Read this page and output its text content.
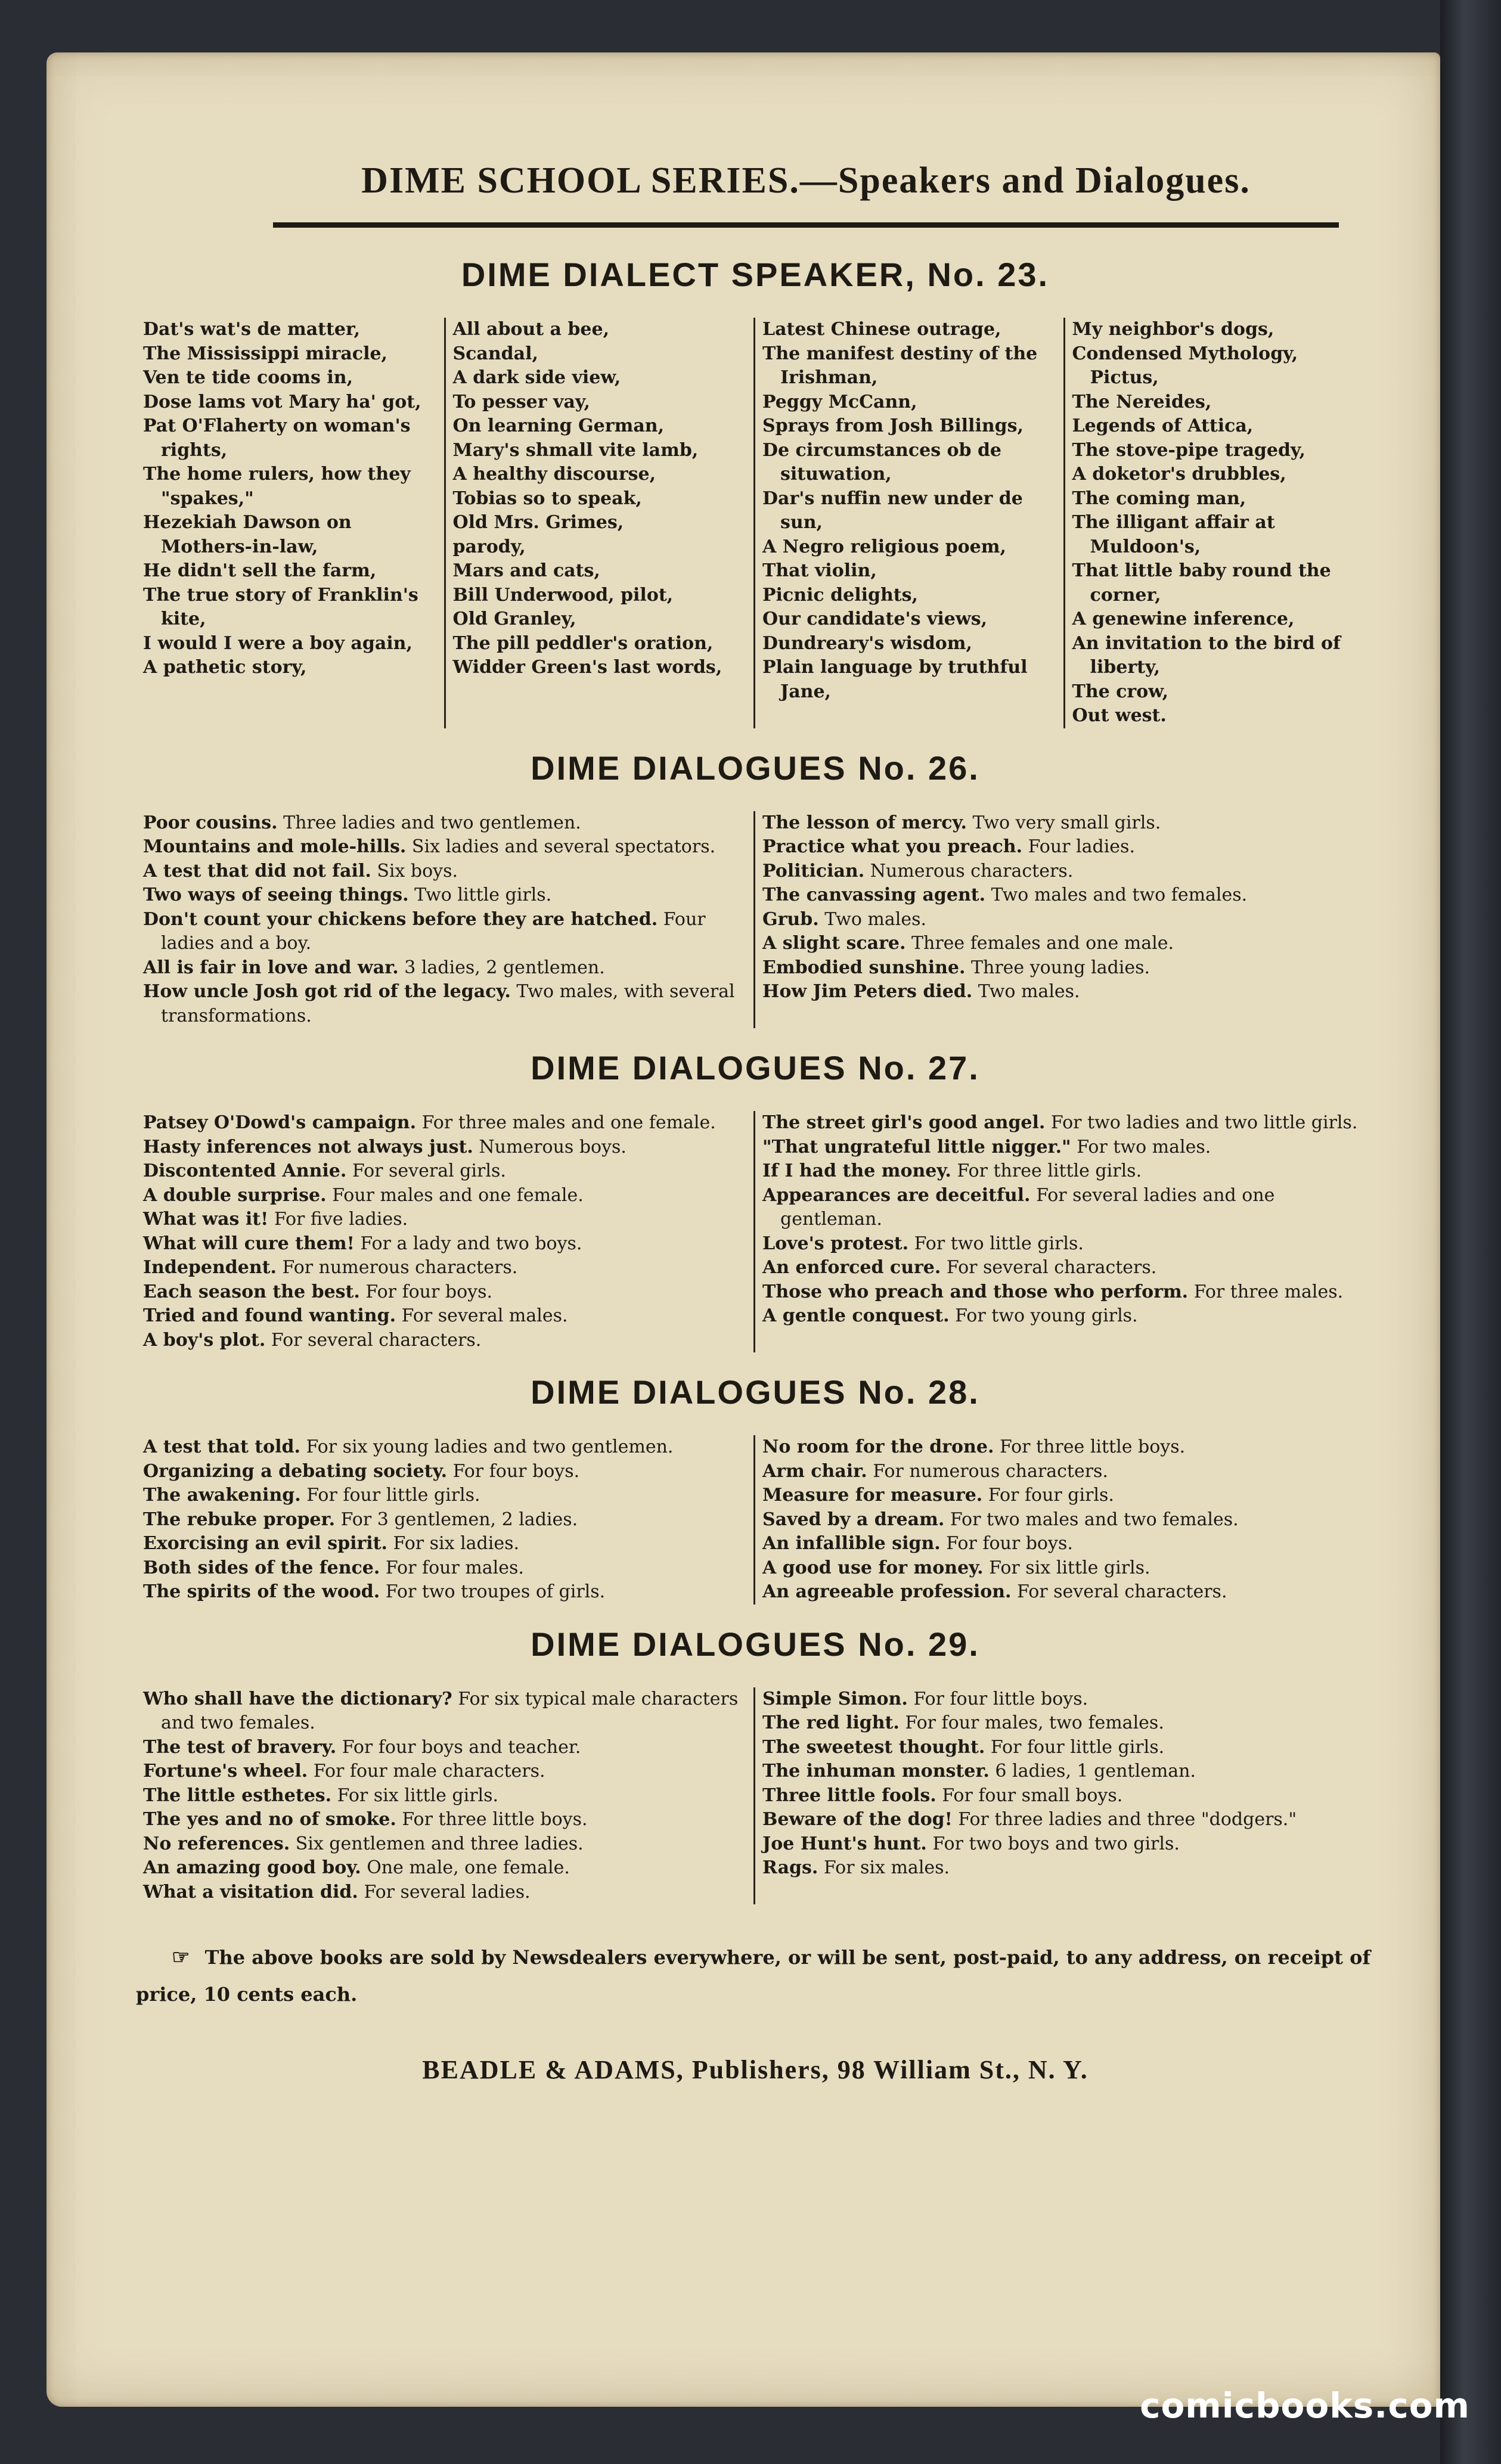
DIME SCHOOL SERIES.—Speakers and Dialogues.
DIME DIALECT SPEAKER, No. 23.
Dat's wat's de matter,
The Mississippi miracle,
Ven te tide cooms in,
Dose lams vot Mary ha' got,
Pat O'Flaherty on woman's rights,
The home rulers, how they "spakes,"
Hezekiah Dawson on Mothers-in-law,
He didn't sell the farm,
The true story of Franklin's kite,
I would I were a boy again,
A pathetic story,
All about a bee,
Scandal,
A dark side view,
To pesser vay,
On learning German,
Mary's shmall vite lamb,
A healthy discourse,
Tobias so to speak,
Old Mrs. Grimes,
parody,
Mars and cats,
Bill Underwood, pilot,
Old Granley,
The pill peddler's oration,
Widder Green's last words,
Latest Chinese outrage,
The manifest destiny of the Irishman,
Peggy McCann,
Sprays from Josh Billings,
De circumstances ob de situwation,
Dar's nuffin new under de sun,
A Negro religious poem,
That violin,
Picnic delights,
Our candidate's views,
Dundreary's wisdom,
Plain language by truthful Jane,
My neighbor's dogs,
Condensed Mythology, Pictus,
The Nereides,
Legends of Attica,
The stove-pipe tragedy,
A doketor's drubbles,
The coming man,
The illigant affair at Muldoon's,
That little baby round the corner,
A genewine inference,
An invitation to the bird of liberty,
The crow,
Out west.
DIME DIALOGUES No. 26.
Poor cousins. Three ladies and two gentlemen.
Mountains and mole-hills. Six ladies and several spectators.
A test that did not fail. Six boys.
Two ways of seeing things. Two little girls.
Don't count your chickens before they are hatched. Four ladies and a boy.
All is fair in love and war. 3 ladies, 2 gentlemen.
How uncle Josh got rid of the legacy. Two males, with several transformations.
The lesson of mercy. Two very small girls.
Practice what you preach. Four ladies.
Politician. Numerous characters.
The canvassing agent. Two males and two females.
Grub. Two males.
A slight scare. Three females and one male.
Embodied sunshine. Three young ladies.
How Jim Peters died. Two males.
DIME DIALOGUES No. 27.
Patsey O'Dowd's campaign. For three males and one female.
Hasty inferences not always just. Numerous boys.
Discontented Annie. For several girls.
A double surprise. Four males and one female.
What was it! For five ladies.
What will cure them! For a lady and two boys.
Independent. For numerous characters.
Each season the best. For four boys.
Tried and found wanting. For several males.
A boy's plot. For several characters.
The street girl's good angel. For two ladies and two little girls.
"That ungrateful little nigger." For two males.
If I had the money. For three little girls.
Appearances are deceitful. For several ladies and one gentleman.
Love's protest. For two little girls.
An enforced cure. For several characters.
Those who preach and those who perform. For three males.
A gentle conquest. For two young girls.
DIME DIALOGUES No. 28.
A test that told. For six young ladies and two gentlemen.
Organizing a debating society. For four boys.
The awakening. For four little girls.
The rebuke proper. For 3 gentlemen, 2 ladies.
Exorcising an evil spirit. For six ladies.
Both sides of the fence. For four males.
The spirits of the wood. For two troupes of girls.
No room for the drone. For three little boys.
Arm chair. For numerous characters.
Measure for measure. For four girls.
Saved by a dream. For two males and two females.
An infallible sign. For four boys.
A good use for money. For six little girls.
An agreeable profession. For several characters.
DIME DIALOGUES No. 29.
Who shall have the dictionary? For six typical male characters and two females.
The test of bravery. For four boys and teacher.
Fortune's wheel. For four male characters.
The little esthetes. For six little girls.
The yes and no of smoke. For three little boys.
No references. Six gentlemen and three ladies.
An amazing good boy. One male, one female.
What a visitation did. For several ladies.
Simple Simon. For four little boys.
The red light. For four males, two females.
The sweetest thought. For four little girls.
The inhuman monster. 6 ladies, 1 gentleman.
Three little fools. For four small boys.
Beware of the dog! For three ladies and three "dodgers."
Joe Hunt's hunt. For two boys and two girls.
Rags. For six males.
☞ The above books are sold by Newsdealers everywhere, or will be sent, post-paid, to any address, on receipt of price, 10 cents each.
BEADLE & ADAMS, Publishers, 98 William St., N. Y.
comicbooks.com
